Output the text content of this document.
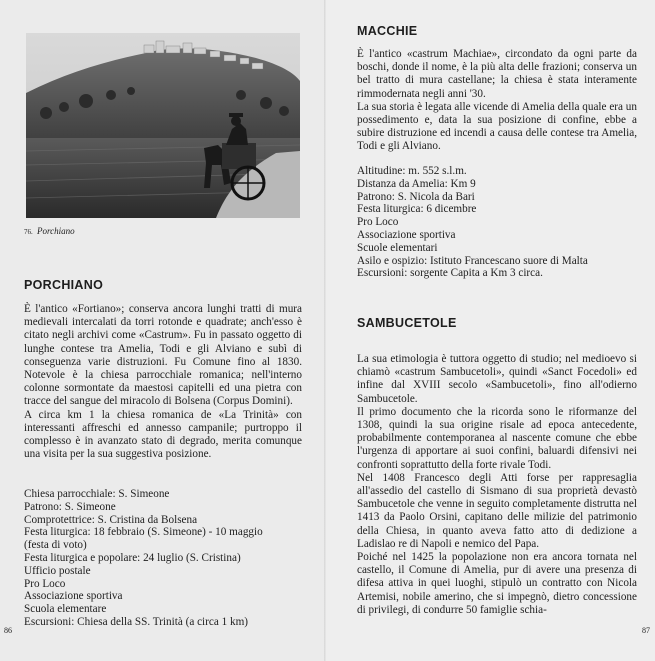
76. Porchiano
PORCHIANO

È l'antico «Fortiano»; conserva ancora lunghi tratti di mura medievali intercalati da torri rotonde e quadrate; anch'esso è citato negli archivi come «Castrum». Fu in passato oggetto di lunghe contese tra Amelia, Todi e gli Alviano e subì di conseguenza varie distruzioni. Fu Comune fino al 1830. Notevole è la chiesa parrocchiale romanica; nell'interno colonne sormontate da maestosi capitelli ed una pietra con tracce del sangue del miracolo di Bolsena (Corpus Domini).

A circa km 1 la chiesa romanica de «La Trinità» con interessanti affreschi ed annesso campanile; purtroppo il complesso è in avanzato stato di degrado, merita comunque una visita per la sua suggestiva posizione.

Chiesa parrocchiale: S. Simeone
Patrono: S. Simeone
Comprotettrice: S. Cristina da Bolsena
Festa liturgica: 18 febbraio (S. Simeone) - 10 maggio
(festa di voto)
Festa liturgica e popolare: 24 luglio (S. Cristina)
Ufficio postale
Pro Loco
Associazione sportiva
Scuola elementare
Escursioni: Chiesa della SS. Trinità (a circa 1 km)
86
MACCHIE

È l'antico «castrum Machiae», circondato da ogni parte da boschi, donde il nome, è la più alta delle frazioni; conserva un bel tratto di mura castellane; la chiesa è stata interamente rimmodernata negli anni '30.

La sua storia è legata alle vicende di Amelia della quale era un possedimento e, data la sua posizione di confine, ebbe a subire distruzione ed incendi a causa delle contese tra Amelia, Todi e gli Alviano.

Altitudine: m. 552 s.l.m.
Distanza da Amelia: Km 9
Patrono: S. Nicola da Bari
Festa liturgica: 6 dicembre
Pro Loco
Associazione sportiva
Scuole elementari
Asilo e ospizio: Istituto Francescano suore di Malta
Escursioni: sorgente Capita a Km 3 circa.
SAMBUCETOLE

La sua etimologia è tuttora oggetto di studio; nel medioevo si chiamò «castrum Sambucetoli», quindi «Sanct Focedoli» ed infine dal XVIII secolo «Sambucetoli», fino all'odierno Sambucetole.

Il primo documento che la ricorda sono le riformanze del 1308, quindi la sua origine risale ad epoca antecedente, probabilmente contemporanea al nascente comune che ebbe l'urgenza di apportare ai suoi confini, baluardi difensivi nei confronti soprattutto della forte rivale Todi.

Nel 1408 Francesco degli Atti forse per rappresaglia all'assedio del castello di Sismano di sua proprietà devastò Sambucetole che venne in seguito completamente distrutta nel 1413 da Paolo Orsini, capitano delle milizie del patrimonio della Chiesa, in quanto aveva fatto atto di dedizione a Ladislao re di Napoli e nemico del Papa.

Poiché nel 1425 la popolazione non era ancora tornata nel castello, il Comune di Amelia, pur di avere una presenza di difesa attiva in quei luoghi, stipulò un contratto con Nicola Artemisi, nobile amerino, che si impegnò, dietro concessione di privilegi, di condurre 50 famiglie schia-

87
